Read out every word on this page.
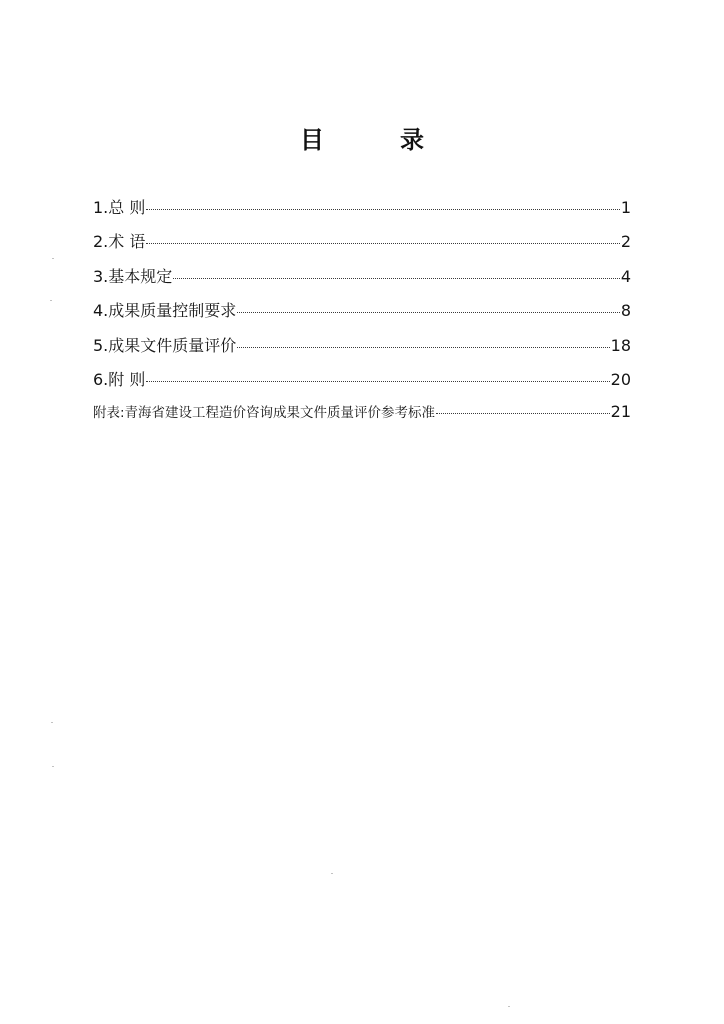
目　录
1.总 则	1
2.术 语	2
3.基本规定	4
4.成果质量控制要求	8
5.成果文件质量评价	18
6.附 则	20
附表:青海省建设工程造价咨询成果文件质量评价参考标准	21
